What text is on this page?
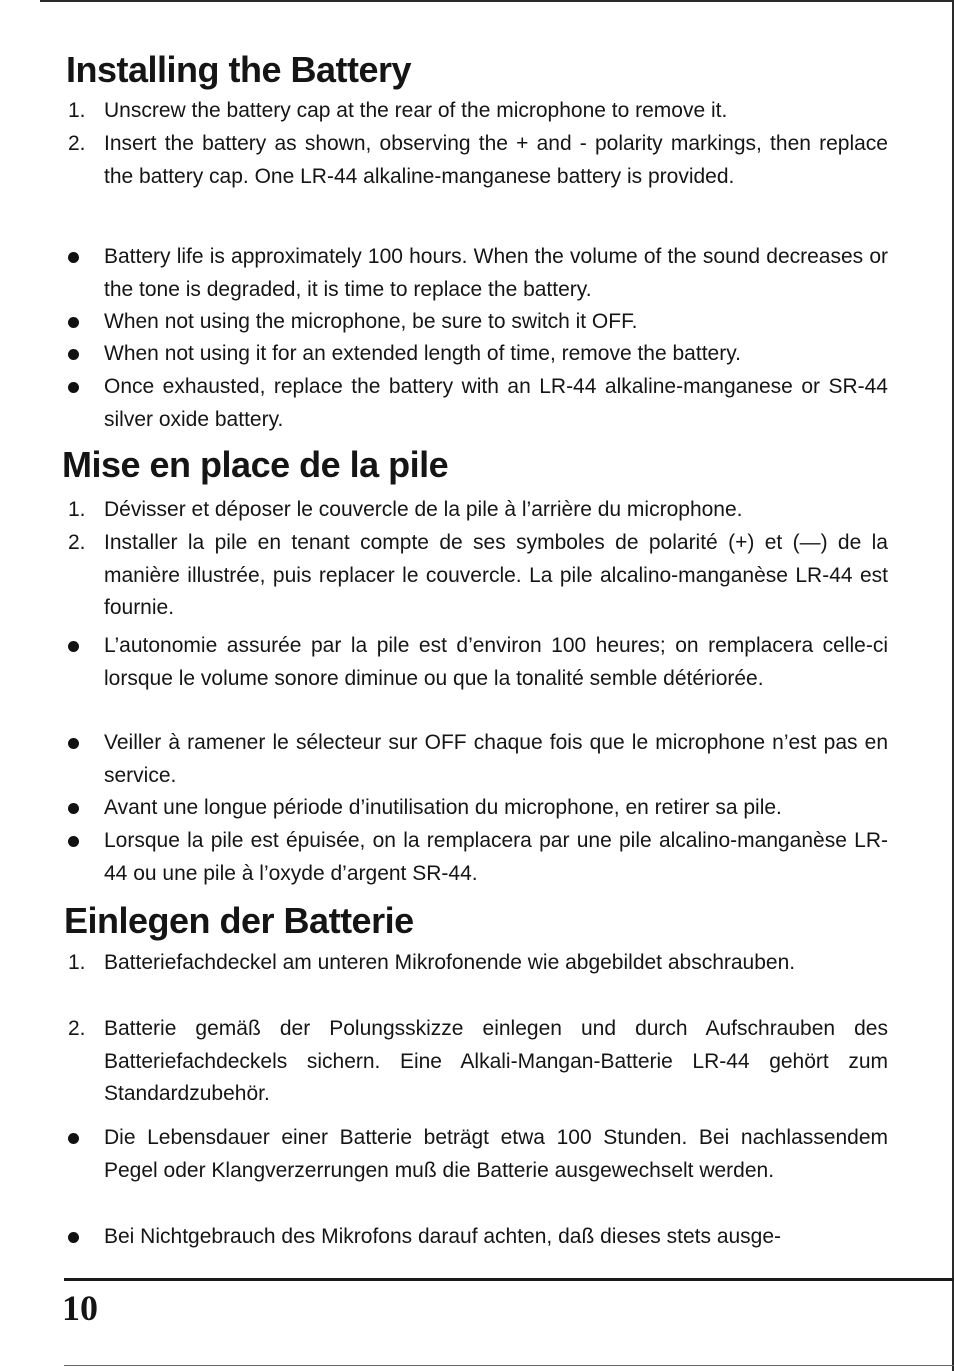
Installing the Battery
1. Unscrew the battery cap at the rear of the microphone to remove it.
2. Insert the battery as shown, observing the + and - polarity markings, then replace the battery cap. One LR-44 alkaline-manganese battery is provided.
Battery life is approximately 100 hours. When the volume of the sound decreases or the tone is degraded, it is time to replace the battery.
When not using the microphone, be sure to switch it OFF.
When not using it for an extended length of time, remove the battery.
Once exhausted, replace the battery with an LR-44 alkaline-manganese or SR-44 silver oxide battery.
Mise en place de la pile
1. Dévisser et déposer le couvercle de la pile à l’arrière du microphone.
2. Installer la pile en tenant compte de ses symboles de polarité (+) et (—) de la manière illustrée, puis replacer le couvercle. La pile alcalino-manganèse LR-44 est fournie.
L’autonomie assurée par la pile est d’environ 100 heures; on remplacera celle-ci lorsque le volume sonore diminue ou que la tonalité semble détériorée.
Veiller à ramener le sélecteur sur OFF chaque fois que le microphone n’est pas en service.
Avant une longue période d’inutilisation du microphone, en retirer sa pile.
Lorsque la pile est épuisée, on la remplacera par une pile alcalino-manganèse LR-44 ou une pile à l’oxyde d’argent SR-44.
Einlegen der Batterie
1. Batteriefachdeckel am unteren Mikrofonende wie abgebildet abschrauben.
2. Batterie gemäß der Polungsskizze einlegen und durch Aufschrauben des Batteriefachdeckels sichern. Eine Alkali-Mangan-Batterie LR-44 gehört zum Standardzubehör.
Die Lebensdauer einer Batterie beträgt etwa 100 Stunden. Bei nachlassendem Pegel oder Klangverzerrungen muß die Batterie ausgewechselt werden.
Bei Nichtgebrauch des Mikrofons darauf achten, daß dieses stets ausge-
10
